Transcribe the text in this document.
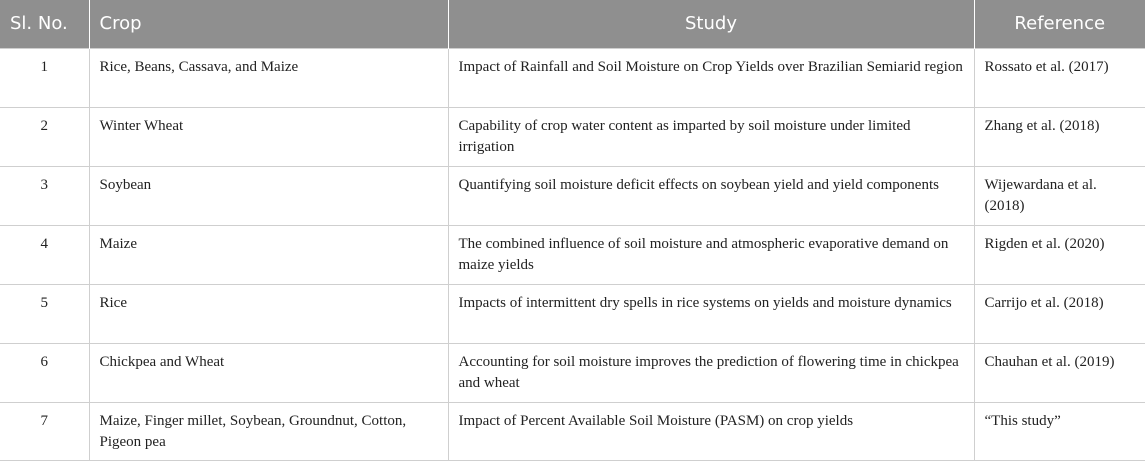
Sl. No.	Crop	Study	Reference
1	Rice, Beans, Cassava, and Maize	Impact of Rainfall and Soil Moisture on Crop Yields over Brazilian Semiarid region	Rossato et al. (2017)
2	Winter Wheat	Capability of crop water content as imparted by soil moisture under limited irrigation	Zhang et al. (2018)
3	Soybean	Quantifying soil moisture deficit effects on soybean yield and yield components	Wijewardana et al. (2018)
4	Maize	The combined influence of soil moisture and atmospheric evaporative demand on maize yields	Rigden et al. (2020)
5	Rice	Impacts of intermittent dry spells in rice systems on yields and moisture dynamics	Carrijo et al. (2018)
6	Chickpea and Wheat	Accounting for soil moisture improves the prediction of flowering time in chickpea and wheat	Chauhan et al. (2019)
7	Maize, Finger millet, Soybean, Groundnut, Cotton, Pigeon pea	Impact of Percent Available Soil Moisture (PASM) on crop yields	“This study”
